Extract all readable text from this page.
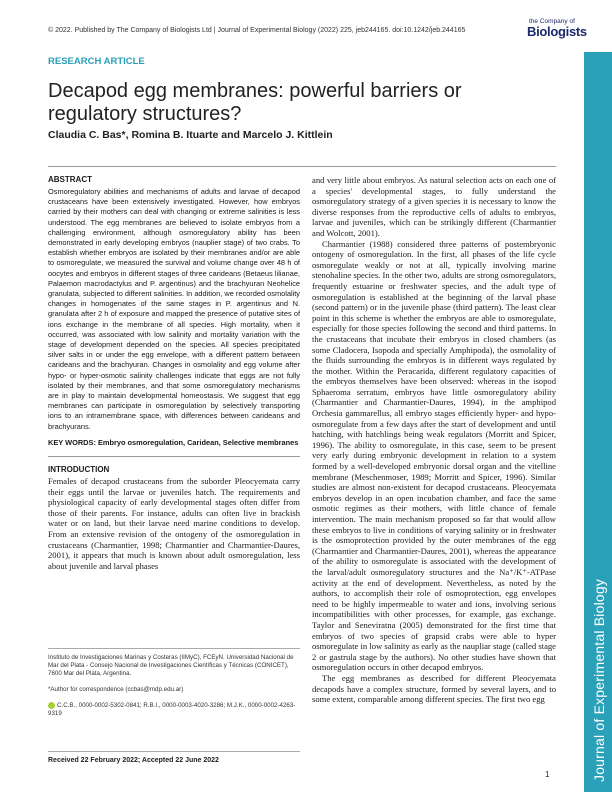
© 2022. Published by The Company of Biologists Ltd | Journal of Experimental Biology (2022) 225, jeb244165. doi:10.1242/jeb.244165
the Company of
Biologists
Journal of Experimental Biology
RESEARCH ARTICLE
Decapod egg membranes: powerful barriers or regulatory structures?
Claudia C. Bas*, Romina B. Ituarte and Marcelo J. Kittlein
ABSTRACT

Osmoregulatory abilities and mechanisms of adults and larvae of decapod crustaceans have been extensively investigated. However, how embryos carried by their mothers can deal with changing or extreme salinities is less understood. The egg membranes are believed to isolate embryos from a challenging environment, although osmoregulatory ability has been demonstrated in early developing embryos (nauplier stage) of two crabs. To establish whether embryos are isolated by their membranes and/or are able to osmoregulate, we measured the survival and volume change over 48 h of oocytes and embryos in different stages of three carideans (Betaeus lilianae, Palaemon macrodactylus and P. argentinus) and the brachyuran Neohelice granulata, subjected to different salinities. In addition, we recorded osmolality changes in homogenates of the same stages in P. argentinus and N. granulata after 2 h of exposure and mapped the presence of putative sites of ions exchange in the membrane of all species. High mortality, when it occurred, was associated with low salinity and mortality variation with the stage of development depended on the species. All species precipitated silver salts in or under the egg envelope, with a different pattern between carideans and the brachyuran. Changes in osmolality and egg volume after hypo- or hyper-osmotic salinity challenges indicate that eggs are not fully isolated by their membranes, and that some osmoregulatory mechanisms are in play to maintain developmental homeostasis. We suggest that egg membranes can participate in osmoregulation by selectively transporting ions to an intramembrane space, with differences between carideans and brachyurans.

KEY WORDS: Embryo osmoregulation, Caridean, Selective membranes

INTRODUCTION

Females of decapod crustaceans from the suborder Pleocyemata carry their eggs until the larvae or juveniles hatch. The requirements and physiological capacity of early developmental stages often differ from those of their parents. For instance, adults can often live in brackish water or on land, but their larvae need marine conditions to develop. From an extensive revision of the ontogeny of the osmoregulation in crustaceans (Charmantier, 1998; Charmantier and Charmantier-Daures, 2001), it appears that much is known about adult osmoregulation, less about juvenile and larval phases

and very little about embryos. As natural selection acts on each one of a species' developmental stages, to fully understand the osmoregulatory strategy of a given species it is necessary to know the diverse responses from the reproductive cells of adults to embryos, larvae and juveniles, which can be strikingly different (Charmantier and Wolcott, 2001).

Charmantier (1988) considered three patterns of postembryonic ontogeny of osmoregulation. In the first, all phases of the life cycle osmoregulate weakly or not at all, typically involving marine stenohaline species. In the other two, adults are strong osmoregulators, frequently estuarine or freshwater species, and the adult type of osmoregulation is established at the beginning of the larval phase (second pattern) or in the juvenile phase (third pattern). The least clear point in this scheme is whether the embryos are able to osmoregulate, especially for those species following the second and third patterns. In the crustaceans that incubate their embryos in closed chambers (as some Cladocera, Isopoda and specially Amphipoda), the osmolality of the fluids surrounding the embryos is in different ways regulated by the mother. Within the Peracarida, different regulatory capacities of the embryos themselves have been observed: whereas in the isopod Sphaeroma serratum, embryos have little osmoregulatory ability (Charmantier and Charmantier-Daures, 1994), in the amphipod Orchesia gammarellus, all embryo stages efficiently hyper- and hypo-osmoregulate from a few days after the start of development and until hatching, with hatchlings being weak regulators (Morritt and Spicer, 1996). The ability to osmoregulate, in this case, seem to be present very early during embryonic development in relation to a system formed by a well-developed embryonic dorsal organ and the vitelline membrane (Meschenmoser, 1989; Morritt and Spicer, 1996). Similar studies are almost non-existent for decapod crustaceans. Pleocyemata embryos develop in an open incubation chamber, and face the same osmotic regimes as their mothers, with little chance of female intervention. The main mechanism proposed so far that would allow these embryos to live in conditions of varying salinity or in freshwater is the osmoprotection provided by the outer membranes of the egg (Charmantier and Charmantier-Daures, 2001), whereas the appearance of the ability to osmoregulate is associated with the development of the larval/adult osmoregulatory structures and the Na⁺/K⁺-ATPase activity at the end of development. Nevertheless, as noted by the authors, to accomplish their role of osmoprotection, egg envelopes need to be highly impermeable to water and ions, involving serious incompatibilities with other processes, for example, gas exchange. Taylor and Seneviratna (2005) demonstrated for the first time that embryos of two species of grapsid crabs were able to hyper osmoregulate in low salinity as early as the naupliar stage (called stage 2 or gastrula stage by the authors). No other studies have shown that osmoregulation occurs in other decapod embryos.

The egg membranes as described for different Pleocyemata decapods have a complex structure, formed by several layers, and to some extent, comparable among different species. The first two egg

Instituto de Investigaciones Marinas y Costeras (IIMyC), FCEyN. Universidad Nacional de Mar del Plata - Consejo Nacional de Investigaciones Científicas y Técnicas (CONICET), 7600 Mar del Plata, Argentina.
*Author for correspondence (ccbas@mdp.edu.ar)
C.C.B., 0000-0002-5302-0841; R.B.I., 0000-0003-4020-3286; M.J.K., 0000-0002-4263-9319
Received 22 February 2022; Accepted 22 June 2022
1
